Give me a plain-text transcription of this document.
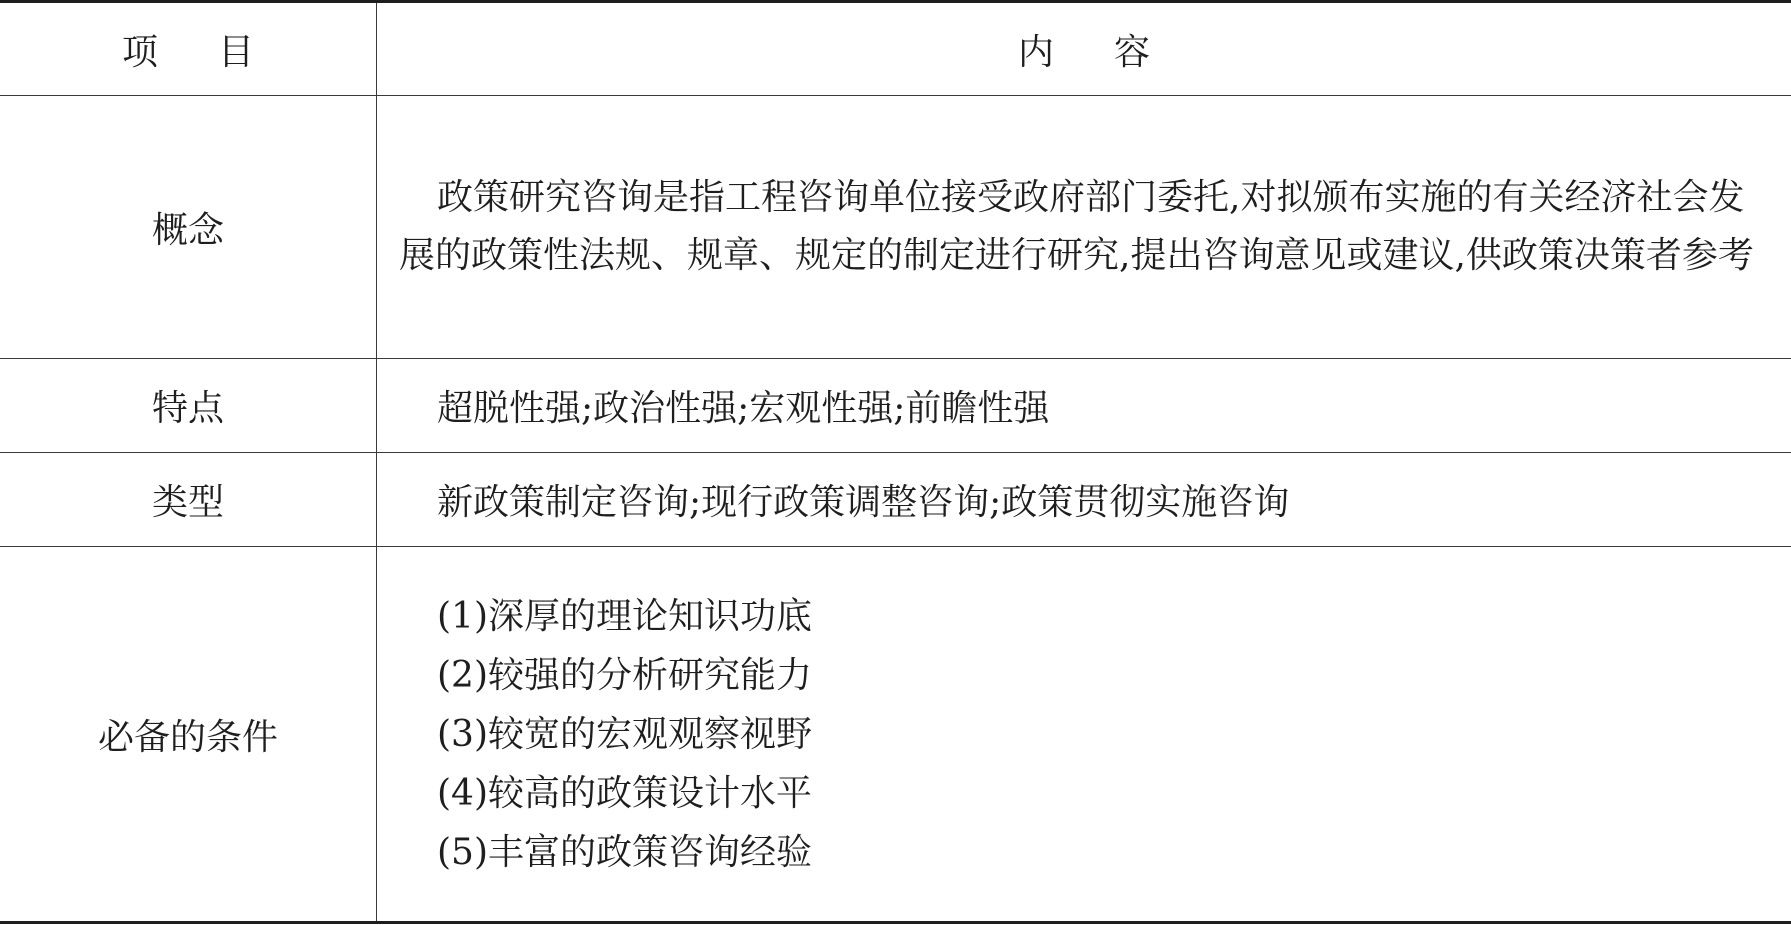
项目	内容
概念	政策研究咨询是指工程咨询单位接受政府部门委托,对拟颁布实施的有关经济社会发展的政策性法规、规章、规定的制定进行研究,提出咨询意见或建议,供政策决策者参考

特点	超脱性强;政治性强;宏观性强;前瞻性强

类型	新政策制定咨询;现行政策调整咨询;政策贯彻实施咨询

必备的条件	(1)深厚的理论知识功底
(2)较强的分析研究能力
(3)较宽的宏观观察视野
(4)较高的政策设计水平
(5)丰富的政策咨询经验
